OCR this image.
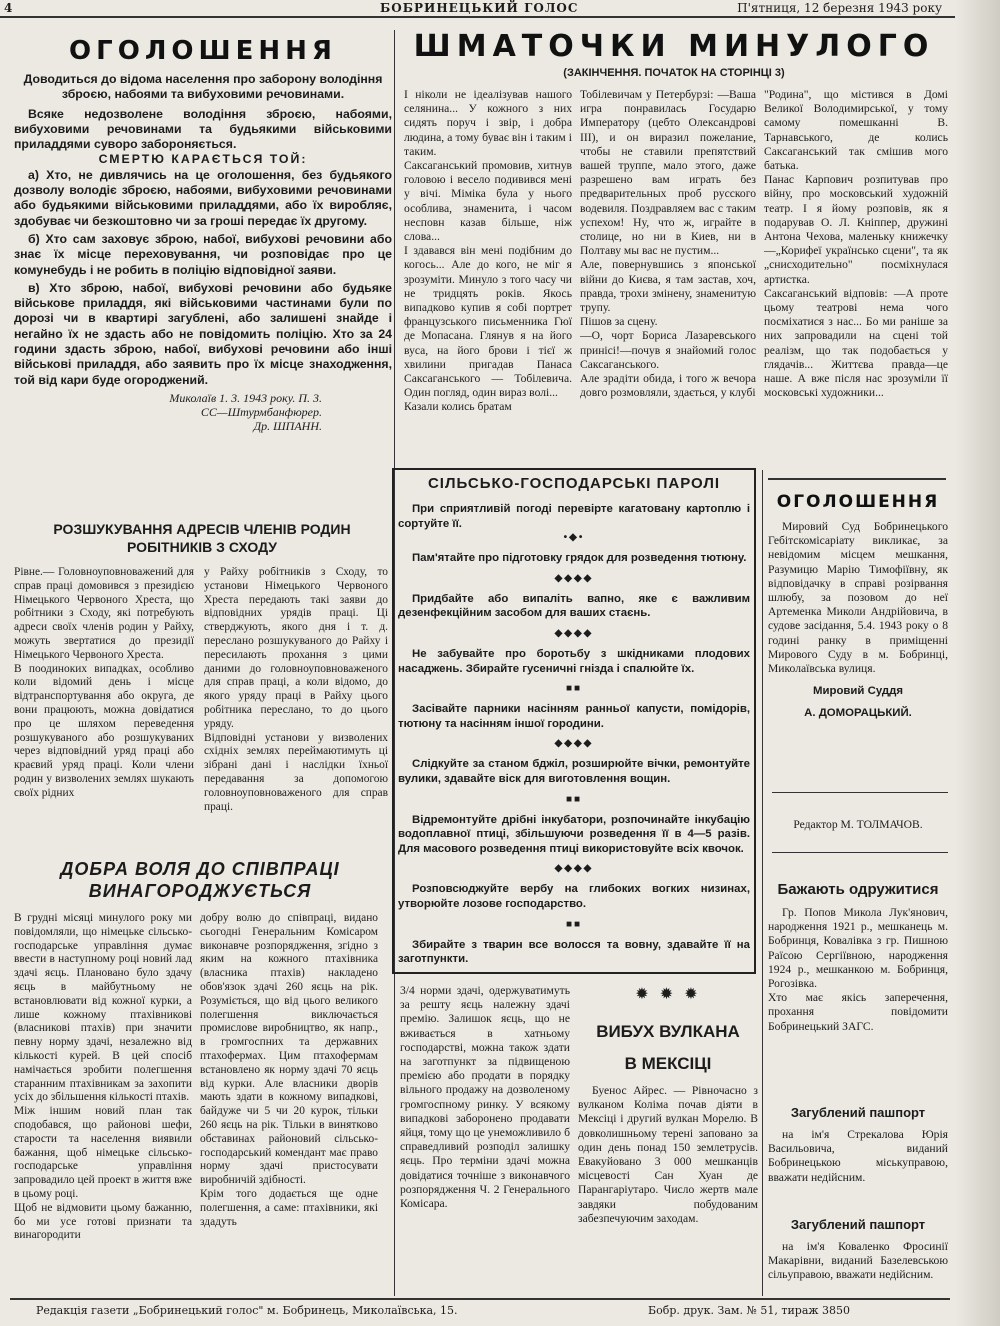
4	БОБРИНЕЦЬКИЙ ГОЛОС	П'ятниця, 12 березня 1943 року
ОГОЛОШЕННЯ

Доводиться до відома населення про заборону володіння зброєю, набоями та вибуховими речовинами.

Всяке недозволене володіння зброєю, набоями, вибуховими речовинами та будьякими військовими приладдями суворо забороняється.

СМЕРТЮ КАРАЄТЬСЯ ТОЙ:

а) Хто, не дивлячись на це оголошення, без будьякого дозволу володіє зброєю, набоями, вибуховими речовинами або будьякими військовими приладдями, або їх виробляє, здобуває чи безкоштовно чи за гроші передає їх другому.

б) Хто сам заховує зброю, набої, вибухові речовини або знає їх місце переховування, чи розповідає про це комунебудь і не робить в поліцію відповідної заяви.

в) Хто зброю, набої, вибухові речовини або будьяке військове приладдя, які військовими частинами були по дорозі чи в квартирі загублені, або залишені знайде і негайно їх не здасть або не повідомить поліцію. Хто за 24 години здасть зброю, набої, вибухові речовини або інші військові приладдя, або заявить про їх місце знаходження, той від кари буде огороджений.

Миколаїв 1. 3. 1943 року. П. 3.

СС—Штурмбанфюрер.

Др. ШПАНН.

РОЗШУКУВАННЯ АДРЕСІВ ЧЛЕНІВ РОДИН РОБІТНИКІВ З СХОДУ
Рівне.— Головноуповноважений для справ праці домовився з президією Німецького Червоного Хреста, що робітники з Сходу, які потребують адреси своїх членів родин у Райху, можуть звертатися до президії Німецького Червоного Хреста.
В поодиноких випадках, особливо коли відомий день і місце відтранспортування або округа, де вони працюють, можна довідатися про це шляхом переведення розшукуваного або розшукуваних через відповідний уряд праці або краєвий уряд праці. Коли члени родин у визволених землях шукають своїх рідних
у Райху робітників з Сходу, то установи Німецького Червоного Хреста передають такі заяви до відповідних урядів праці. Ці стверджують, якого дня і т. д. переслано розшукуваного до Райху і пересилають прохання з цими даними до головноуповноваженого для справ праці, а коли відомо, до якого уряду праці в Райху цього робітника переслано, то до цього уряду.
Відповідні установи у визволених східніх землях переймаютимуть ці зібрані дані і наслідки їхньої передавання за допомогою головноуповноваженого для справ праці.
ДОБРА ВОЛЯ ДО СПІВПРАЦІ ВИНАГОРОДЖУЄТЬСЯ
В грудні місяці минулого року ми повідомляли, що німецьке сільсько-господарське управління думає ввести в наступному році новий лад здачі яєць. Плановано було здачу яєць в майбутньому не встановлювати від кожної курки, а лише кожному птахівникові (власникові птахів) при значити певну норму здачі, незалежно від кількості курей. В цей спосіб намічається зробити полегшення старанним птахівникам за захопити усіх до збільшення кількості птахів.
Між іншим новий план так сподобався, що районові шефи, старости та населення виявили бажання, щоб німецьке сільсько-господарське управління запровадило цей проект в життя вже в цьому році.
Щоб не відмовити цьому бажанню, бо ми усе готові признати та винагородити
добру волю до співпраці, видано сьогодні Генеральним Комісаром виконавче розпорядження, згідно з яким на кожного птахівника (власника птахів) накладено обов'язок здачі 260 яєць на рік. Розуміється, що від цього великого полегшення виключається промислове виробництво, як напр., в громгоспних та державних птахофермах. Цим птахофермам встановлено як норму здачі 70 яєць від курки. Але власники дворів мають здати в кожному випадкові, байдуже чи 5 чи 20 курок, тільки 260 яєць на рік. Тільки в винятково обставинах районовий сільсько-господарський комендант має право норму здачі пристосувати виробничій здібності.
Крім того додається ще одне полегшення, а саме: птахівники, які здадуть
ШМАТОЧКИ МИНУЛОГО
(ЗАКІНЧЕННЯ. ПОЧАТОК НА СТОРІНЦІ 3)
І ніколи не ідеалізував нашого селянина... У кожного з них сидять поруч і звір, і добра людина, а тому буває він і таким і таким.
Саксаганський промовив, хитнув головою і весело подивився мені у вічі. Міміка була у нього особлива, знаменита, і часом несповн казав більше, ніж слова...
І здавався він мені подібним до когось... Але до кого, не міг я зрозуміти. Минуло з того часу чи не тридцять років. Якось випадково купив я собі портрет французського письменника Гюї де Мопасана. Глянув я на його вуса, на його брови і тієї ж хвилини пригадав Панаса Саксаганського — Тобілевича. Один погляд, один вираз волі...
Казали колись братам
Тобілевичам у Петербурзі: —Ваша игра понравилась Государю Императору (цебто Олександрові III), и он виразил пожелание, чтобы не ставили препятствий вашей труппе, мало этого, даже разрешено вам играть без предварительных проб русского водевиля. Поздравляем вас с таким успехом! Ну, что ж, играйте в столице, но ни в Киев, ни в Полтаву мы вас не пустим...
Але, повернувшись з японської війни до Києва, я там застав, хоч, правда, трохи змінену, знаменитую трупу.
Пішов за сцену.
—О, чорт Бориса Лазаревського принісі!—почув я знайомий голос Саксаганського.
Але зрадіти обида, і того ж вечора довго розмовляли, здається, у клубі
"Родина", що містився в Домі Великої Володимирської, у тому самому помешканні В. Тарнавського, де колись Саксаганський так смішив мого батька.
Панас Карпович розпитував про війну, про московський художній театр. І я йому розповів, як я подарував О. Л. Кніппер, дружині Антона Чехова, маленьку книжечку—„Корифеї українсько сцени", та як „снисходительно" посміхнулася артистка.
Саксаганський відповів: —А проте цьому театрові нема чого посміхатися з нас... Бо ми раніше за них запровадили на сцені той реалізм, що так подобається у глядачів... Життєва правда—це наше. А вже після нас зрозуміли її московські художники...
СІЛЬСЬКО-ГОСПОДАРСЬКІ ПАРОЛІ

При сприятливій погоді перевірте кагатовану картоплю і сортуйте її.

•◆•

Пам'ятайте про підготовку грядок для розведення тютюну.

◆◆◆◆

Придбайте або випаліть вапно, яке є важливим дезенфекційним засобом для ваших стаєнь.

◆◆◆◆

Не забувайте про боротьбу з шкідниками плодових насаджень. Збирайте гусеничні гнізда і спалюйте їх.

■■

Засівайте парники насінням ранньої капусти, помідорів, тютюну та насінням іншої городини.

◆◆◆◆

Слідкуйте за станом бджіл, розширюйте вічки, ремонтуйте вулики, здавайте віск для виготовлення вощин.

■■

Відремонтуйте дрібні інкубатори, розпочинайте інкубацію водоплавної птиці, збільшуючи розведення її в 4—5 разів. Для масового розведення птиці використовуйте всіх квочок.

◆◆◆◆

Розповсюджуйте вербу на глибоких вогких низинах, утворюйте лозове господарство.

■■

Збирайте з тварин все волосся та вовну, здавайте її на заготпункти.

3/4 норми здачі, одержуватимуть за решту яєць належну здачі премію. Залишок яєць, що не вживається в хатньому господарстві, можна також здати на заготпункт за підвищеною премією або продати в порядку вільного продажу на дозволеному громгоспному ринку. У всякому випадкові заборонено продавати яйця, тому що це унеможливило б справедливий розподіл залишку яєць. Про терміни здачі можна довідатися точніше з виконавчого розпорядження Ч. 2 Генерального Комісара.
✹ ✹ ✹
ВИБУХ ВУЛКАНА
В МЕКСІЦІ
Буенос Айрес. — Рівночасно з вулканом Коліма почав діяти в Мексіці і другий вулкан Морелю. В довколишньому терені заповано за один день понад 150 землетрусів. Евакуйовано 3 000 мешканців місцевості Сан Хуан де Парангаріутаро. Число жертв мале завдяки побудованим забезпечуючим заходам.
ОГОЛОШЕННЯ
Мировий Суд Бобринецького Гебітскомісаріату викликає, за невідомим місцем мешкання, Разумицю Марію Тимофіївну, як відповідачку в справі розірвання шлюбу, за позовом до неї Артеменка Миколи Андрійовича, в судове засідання, 5.4. 1943 року о 8 годині ранку в приміщенні Мирового Суду в м. Бобринці, Миколаївська вулиця.
Мировий Суддя
А. ДОМОРАЦЬКИЙ.
Редактор М. ТОЛМАЧОВ.
Бажають одружитися
Гр. Попов Микола Лук'янович, народження 1921 р., мешканець м. Бобринця, Ковалівка з гр. Пишною Раїсою Сергіївною, народження 1924 р., мешканкою м. Бобринця, Рогозівка.
Хто має якісь заперечення, прохання повідомити Бобринецький ЗАГС.
Загублений пашпорт
на ім'я Стрекалова Юрія Васильовича, виданий Бобринецькою міськуправою, вважати недійсним.
Загублений пашпорт
на ім'я Коваленко Фросинії Макарівни, виданий Базелевською сільуправою, вважати недійсним.
Редакція газети „Бобринецький голос" м. Бобринець, Миколаївська, 15.	Бобр. друк. Зам. № 51, тираж 3850
